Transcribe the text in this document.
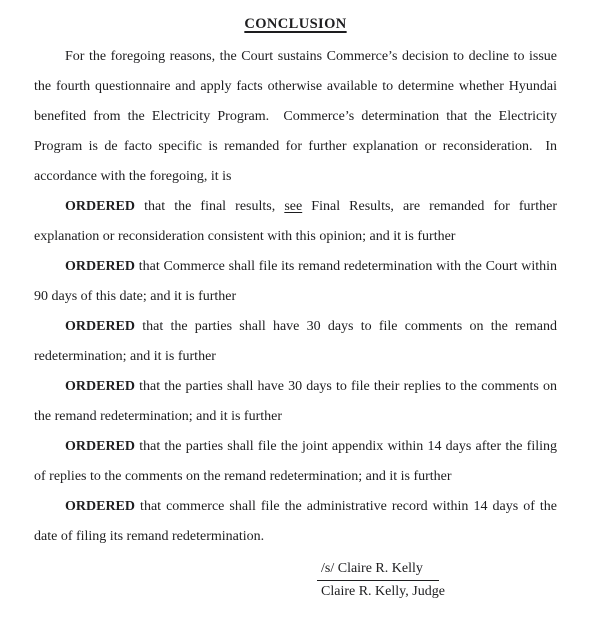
CONCLUSION

For the foregoing reasons, the Court sustains Commerce’s decision to decline to issue the fourth questionnaire and apply facts otherwise available to determine whether Hyundai benefited from the Electricity Program.  Commerce’s determination that the Electricity Program is de facto specific is remanded for further explanation or reconsideration.  In accordance with the foregoing, it is

ORDERED that the final results, see Final Results, are remanded for further explanation or reconsideration consistent with this opinion; and it is further

ORDERED that Commerce shall file its remand redetermination with the Court within 90 days of this date; and it is further

ORDERED that the parties shall have 30 days to file comments on the remand redetermination; and it is further

ORDERED that the parties shall have 30 days to file their replies to the comments on the remand redetermination; and it is further

ORDERED that the parties shall file the joint appendix within 14 days after the filing of replies to the comments on the remand redetermination; and it is further

ORDERED that commerce shall file the administrative record within 14 days of the date of filing its remand redetermination.

/s/ Claire R. Kelly
Claire R. Kelly, Judge
